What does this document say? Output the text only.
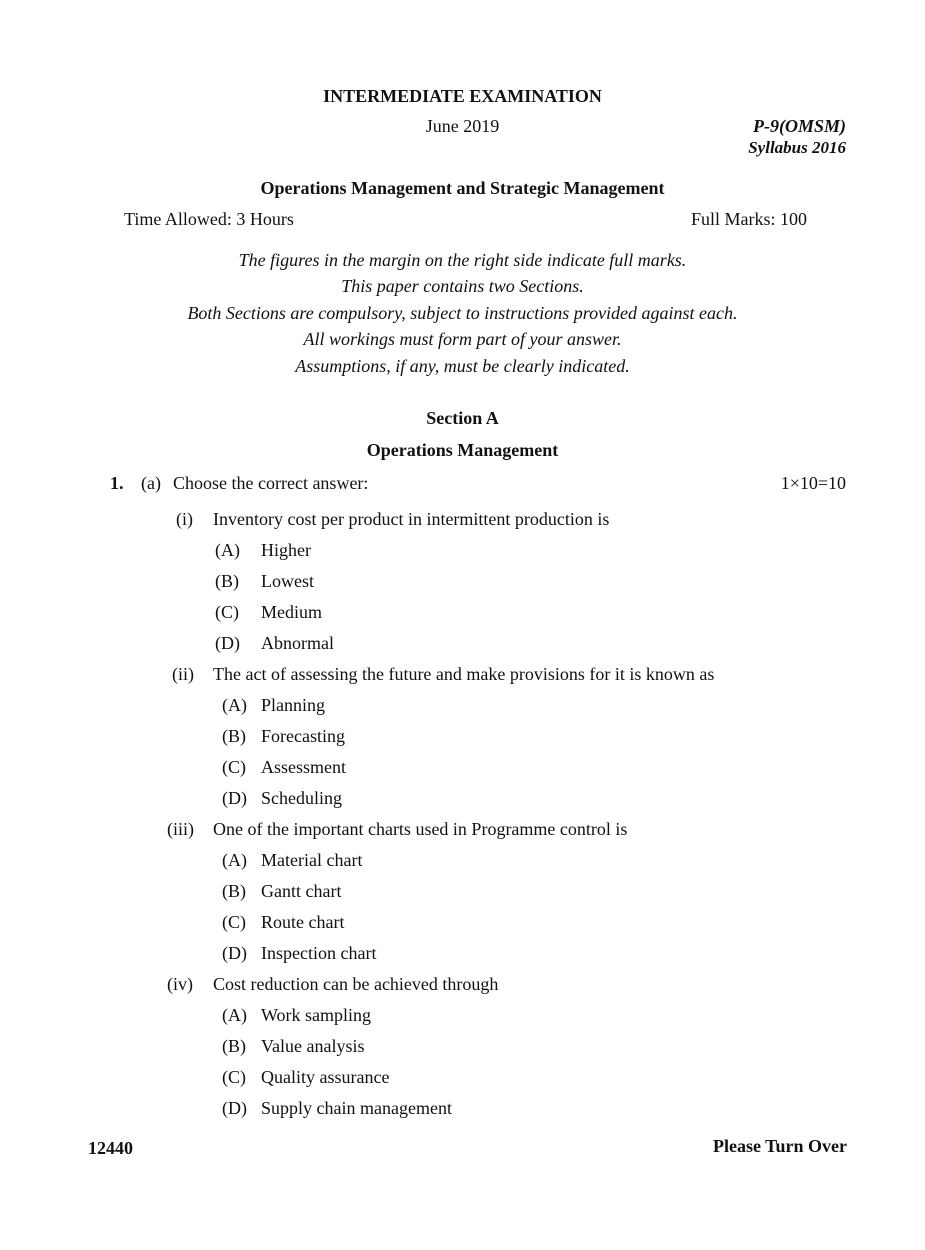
INTERMEDIATE EXAMINATION
June 2019	P-9(OMSM)
Syllabus 2016
Operations Management and Strategic Management
Time Allowed: 3 Hours	Full Marks: 100
The figures in the margin on the right side indicate full marks.
This paper contains two Sections.
Both Sections are compulsory, subject to instructions provided against each.
All workings must form part of your answer.
Assumptions, if any, must be clearly indicated.
Section A
Operations Management
1. (a) Choose the correct answer:	1×10=10
(i) Inventory cost per product in intermittent production is
(A) Higher
(B) Lowest
(C) Medium
(D) Abnormal
(ii) The act of assessing the future and make provisions for it is known as
(A) Planning
(B) Forecasting
(C) Assessment
(D) Scheduling
(iii) One of the important charts used in Programme control is
(A) Material chart
(B) Gantt chart
(C) Route chart
(D) Inspection chart
(iv) Cost reduction can be achieved through
(A) Work sampling
(B) Value analysis
(C) Quality assurance
(D) Supply chain management
12440	Please Turn Over
